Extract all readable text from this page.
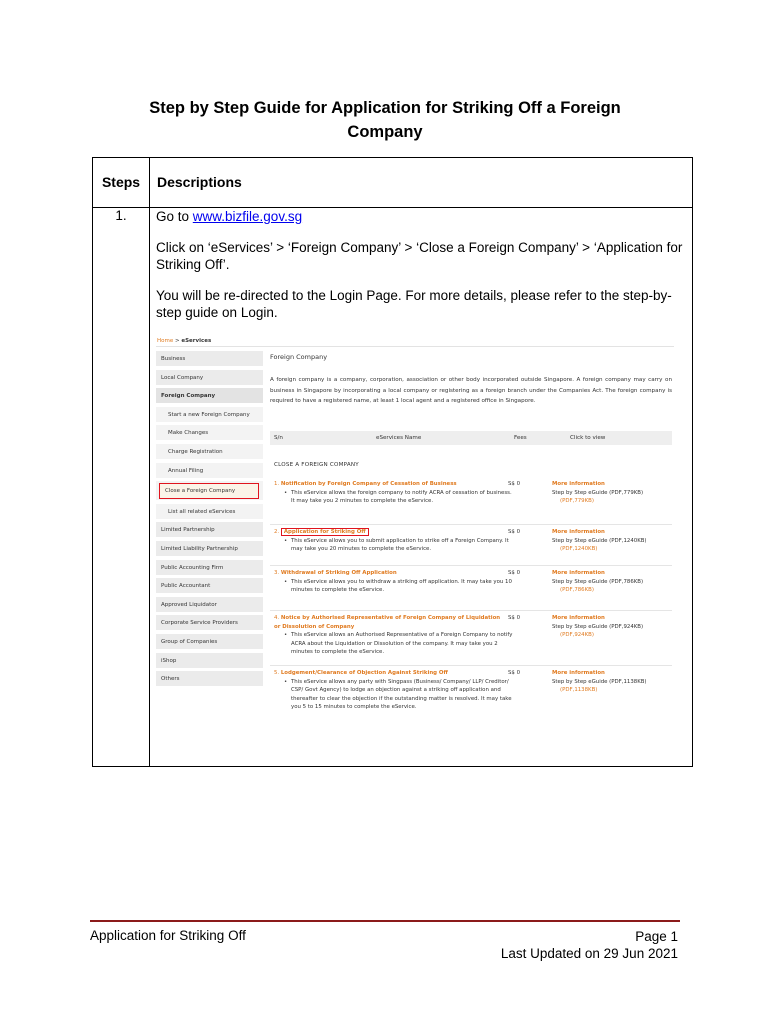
Step by Step Guide for Application for Striking Off a Foreign
Company
Steps	Descriptions
1.	Go to www.bizfile.gov.sg

Click on ‘eServices’ > ‘Foreign Company’ > ‘Close a Foreign Company’ > ‘Application for Striking Off’.

You will be re-directed to the Login Page. For more details, please refer to the step-by-step guide on Login.

Home > eServices
Business
Local Company
Foreign Company
Start a new Foreign Company
Make Changes
Charge Registration
Annual Filing
Close a Foreign Company
List all related eServices
Limited Partnership
Limited Liability Partnership
Public Accounting Firm
Public Accountant
Approved Liquidator
Corporate Service Providers
Group of Companies
iShop
Others
Foreign Company
A foreign company is a company, corporation, association or other body incorporated outside Singapore. A foreign company may carry on business in Singapore by incorporating a local company or registering as a foreign branch under the Companies Act. The foreign company is required to have a registered name, at least 1 local agent and a registered office in Singapore.
S/n	eServices Name	Fees	Click to view
CLOSE A FOREIGN COMPANY
1. Notification by Foreign Company of Cessation of Business
• This eService allows the foreign company to notify ACRA of cessation of business. It may take you 2 minutes to complete the eService.
S$ 0	More information
Step by Step eGuide (PDF,779KB)
(PDF,779KB)
2. Application for Striking Off
• This eService allows you to submit application to strike off a Foreign Company. It may take you 20 minutes to complete the eService.
S$ 0	More information
Step by Step eGuide (PDF,1240KB)
(PDF,1240KB)
3. Withdrawal of Striking Off Application
• This eService allows you to withdraw a striking off application. It may take you 10 minutes to complete the eService.
S$ 0	More information
Step by Step eGuide (PDF,786KB)
(PDF,786KB)
4. Notice by Authorised Representative of Foreign Company of Liquidation or Dissolution of Company
• This eService allows an Authorised Representative of a Foreign Company to notify ACRA about the Liquidation or Dissolution of the company. It may take you 2 minutes to complete the eService.
S$ 0	More information
Step by Step eGuide (PDF,924KB)
(PDF,924KB)
5. Lodgement/Clearance of Objection Against Striking Off
• This eService allows any party with Singpass (Business/ Company/ LLP/ Creditor/ CSP/ Govt Agency) to lodge an objection against a striking off application and thereafter to clear the objection if the outstanding matter is resolved. It may take you 5 to 15 minutes to complete the eService.
S$ 0	More information
Step by Step eGuide (PDF,1138KB)
(PDF,1138KB)
Application for Striking Off	Page 1
Last Updated on 29 Jun 2021
